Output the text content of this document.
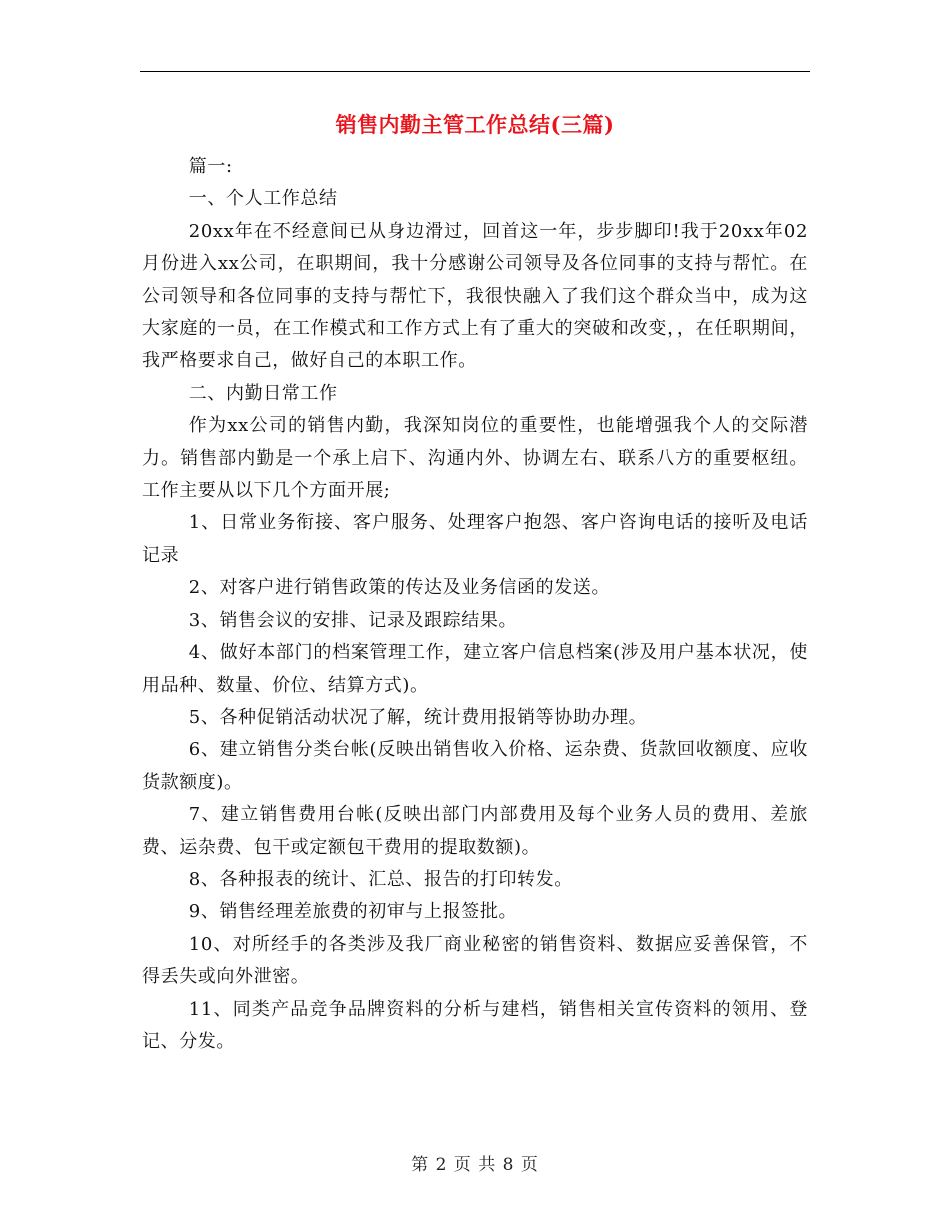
销售内勤主管工作总结(三篇)

篇一:

一、个人工作总结

20xx年在不经意间已从身边滑过，回首这一年，步步脚印!我于20xx年02月份进入xx公司，在职期间，我十分感谢公司领导及各位同事的支持与帮忙。在公司领导和各位同事的支持与帮忙下，我很快融入了我们这个群众当中，成为这大家庭的一员，在工作模式和工作方式上有了重大的突破和改变，，在任职期间，我严格要求自己，做好自己的本职工作。

二、内勤日常工作

作为xx公司的销售内勤，我深知岗位的重要性，也能增强我个人的交际潜力。销售部内勤是一个承上启下、沟通内外、协调左右、联系八方的重要枢纽。工作主要从以下几个方面开展;

1、日常业务衔接、客户服务、处理客户抱怨、客户咨询电话的接听及电话记录

2、对客户进行销售政策的传达及业务信函的发送。

3、销售会议的安排、记录及跟踪结果。

4、做好本部门的档案管理工作，建立客户信息档案(涉及用户基本状况，使用品种、数量、价位、结算方式)。

5、各种促销活动状况了解，统计费用报销等协助办理。

6、建立销售分类台帐(反映出销售收入价格、运杂费、货款回收额度、应收货款额度)。

7、建立销售费用台帐(反映出部门内部费用及每个业务人员的费用、差旅费、运杂费、包干或定额包干费用的提取数额)。

8、各种报表的统计、汇总、报告的打印转发。

9、销售经理差旅费的初审与上报签批。

10、对所经手的各类涉及我厂商业秘密的销售资料、数据应妥善保管，不得丢失或向外泄密。

11、同类产品竞争品牌资料的分析与建档，销售相关宣传资料的领用、登记、分发。

第 2 页 共 8 页
